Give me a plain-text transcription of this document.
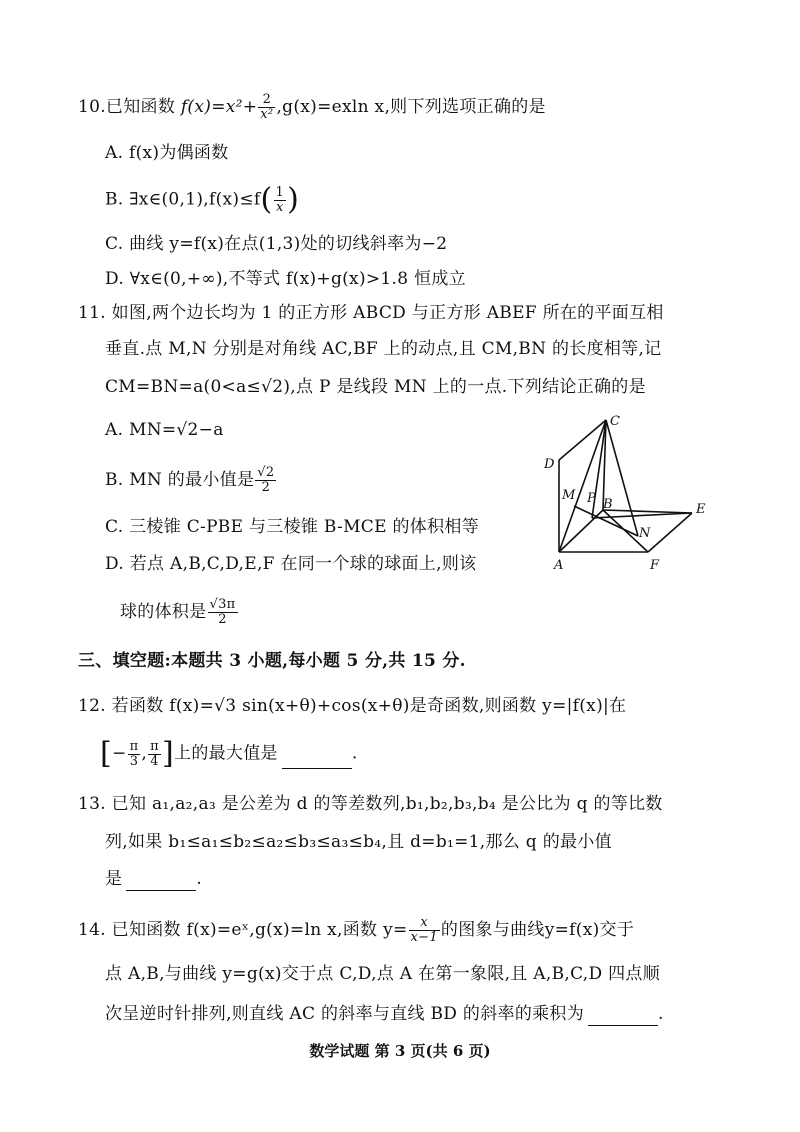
10.已知函数 $f(x)=x^2+ \frac{2}{\text{x²}} ,g(x)=exln$ x,则下列选项正确的是
A. f(x)为偶函数
B. ∃x∈(0,1),f(x)≤f( $\frac{1}{x}$ )
C. 曲线 y=f(x)在点(1,3)处的切线斜率为−2
D. ∀x∈(0,+∞),不等式 f(x)+g(x)>1.8 恒成立
11. 如图,两个边长均为 1 的正方形 ABCD 与正方形 ABEF 所在的平面互相
垂直.点 M,N 分别是对角线 AC,BF 上的动点,且 CM,BN 的长度相等,记
CM=BN=a(0<a≤√2),点 P 是线段 MN 上的一点.下列结论正确的是
A. MN=√2−a
B. MN 的最小值是 $\frac{√2}{2}$
C. 三棱锥 C-PBE 与三棱锥 B-MCE 的体积相等
D. 若点 A,B,C,D,E,F 在同一个球的球面上,则该
球的体积是 $\frac{√3\pi}{2}$
C
D
M P B	E
N
A	F
三、填空题:本题共 3 小题,每小题 5 分,共 15 分.
12. 若函数 f(x)=√3 sin(x+θ)+cos(x+θ)是奇函数,则函数 y=|f(x)|在
[− $\frac{\pi}{3}$ , $\frac{\pi}{4}$ ]上的最大值是	.
13. 已知 a₁,a₂,a₃ 是公差为 d 的等差数列,b₁,b₂,b₃,b₄ 是公比为 q 的等比数
列,如果 b₁≤a₁≤b₂≤a₂≤b₃≤a₃≤b₄,且 d=b₁=1,那么 q 的最小值
是	.
14. 已知函数 f(x)=eˣ,g(x)=ln x,函数 $y= \frac{x}{x-1}$ 的图象与曲线y=f(x)交于
点 A,B,与曲线 y=g(x)交于点 C,D,点 A 在第一象限,且 A,B,C,D 四点顺
次呈逆时针排列,则直线 AC 的斜率与直线 BD 的斜率的乘积为	.
数学试题 第 3 页(共 6 页)
